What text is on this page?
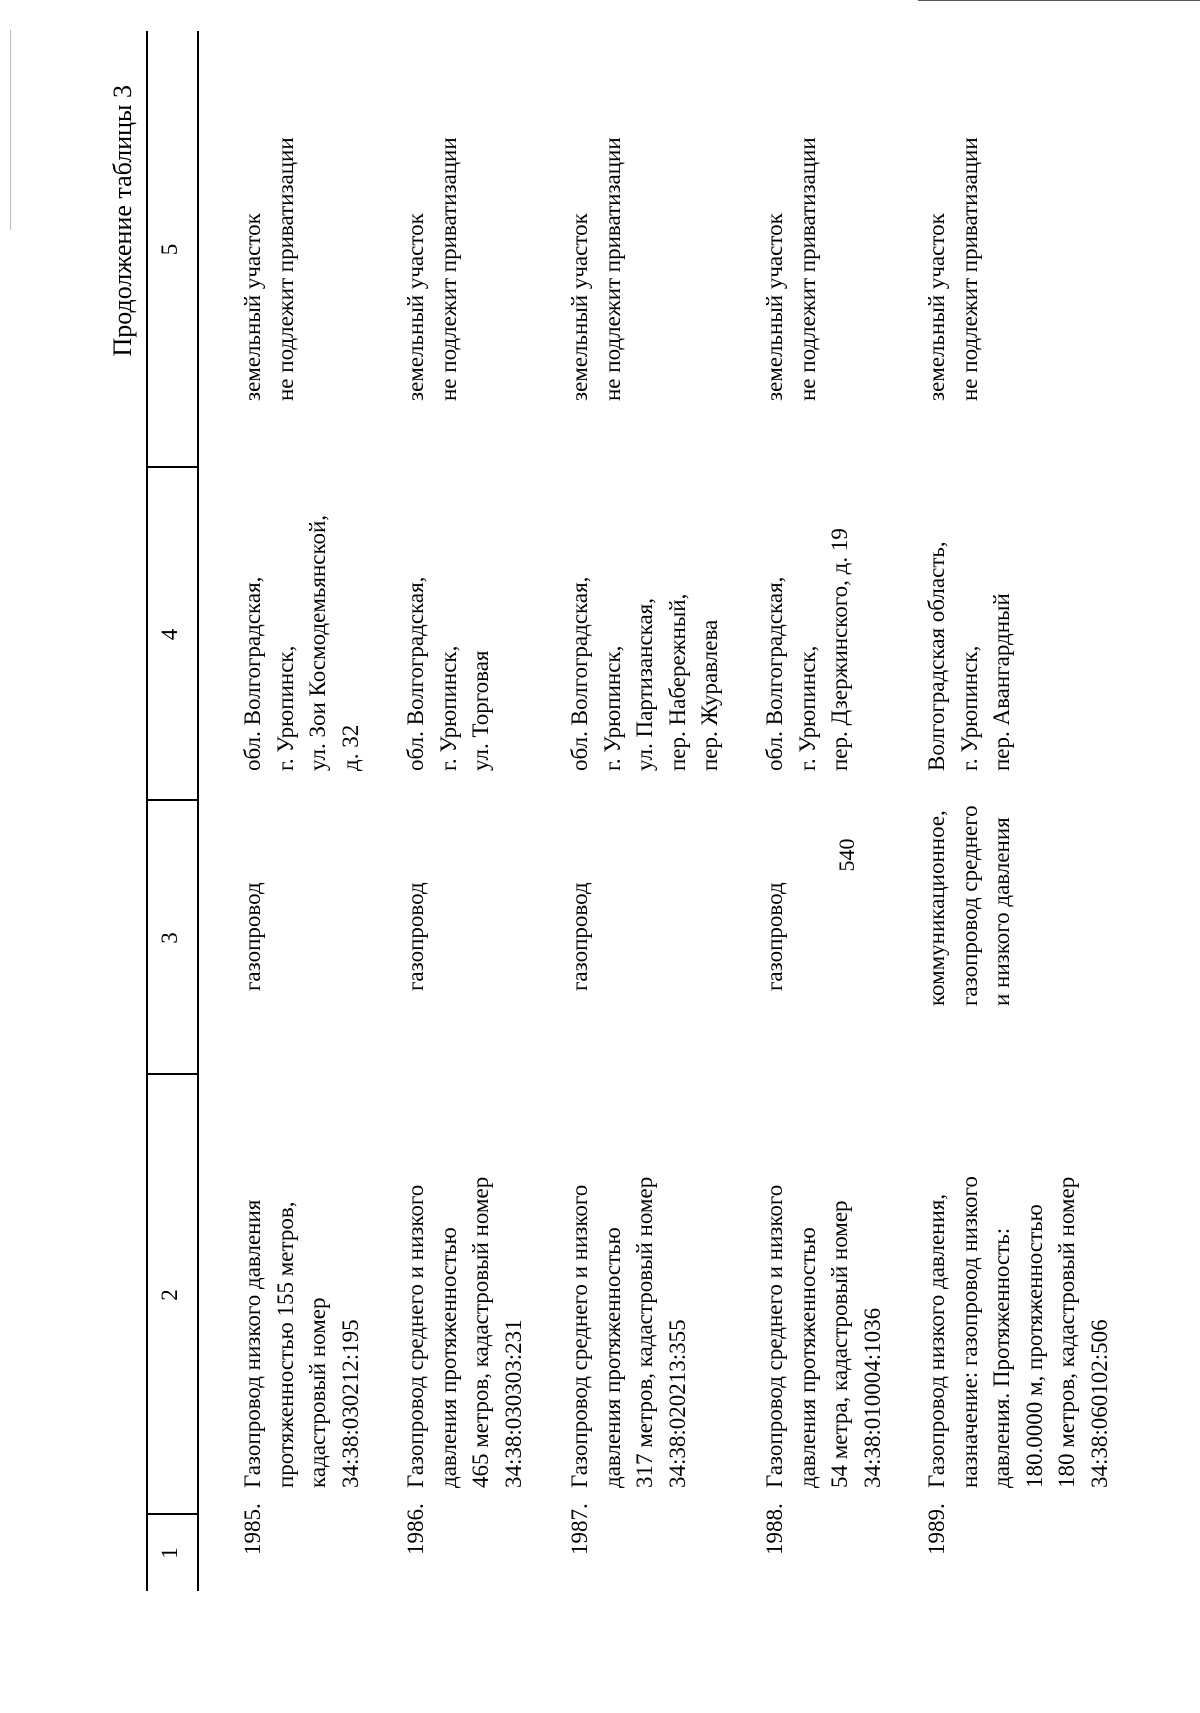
540
Продолжение таблицы 3
1
2
3
4
5
1985.
Газопровод низкого давления протяженностью 155 метров, кадастровый номер 34:38:030212:195
газопровод
обл. Волгоградская, г. Урюпинск, ул. Зои Космодемьянской, д. 32
земельный участок не подлежит приватизации
1986.
Газопровод среднего и низкого давления протяженностью 465 метров, кадастровый номер 34:38:030303:231
газопровод
обл. Волгоградская, г. Урюпинск, ул. Торговая
земельный участок не подлежит приватизации
1987.
Газопровод среднего и низкого давления протяженностью 317 метров, кадастровый номер 34:38:020213:355
газопровод
обл. Волгоградская, г. Урюпинск, ул. Партизанская, пер. Набережный, пер. Журавлева
земельный участок не подлежит приватизации
1988.
Газопровод среднего и низкого давления протяженностью 54 метра, кадастровый номер 34:38:010004:1036
газопровод
обл. Волгоградская, г. Урюпинск, пер. Дзержинского, д. 19
земельный участок не подлежит приватизации
1989.
Газопровод низкого давления, назначение: газопровод низкого давления. Протяженность: 180.0000 м, протяженностью 180 метров, кадастровый номер 34:38:060102:506
коммуникационное, газопровод среднего и низкого давления
Волгоградская область, г. Урюпинск, пер. Авангардный
земельный участок не подлежит приватизации
